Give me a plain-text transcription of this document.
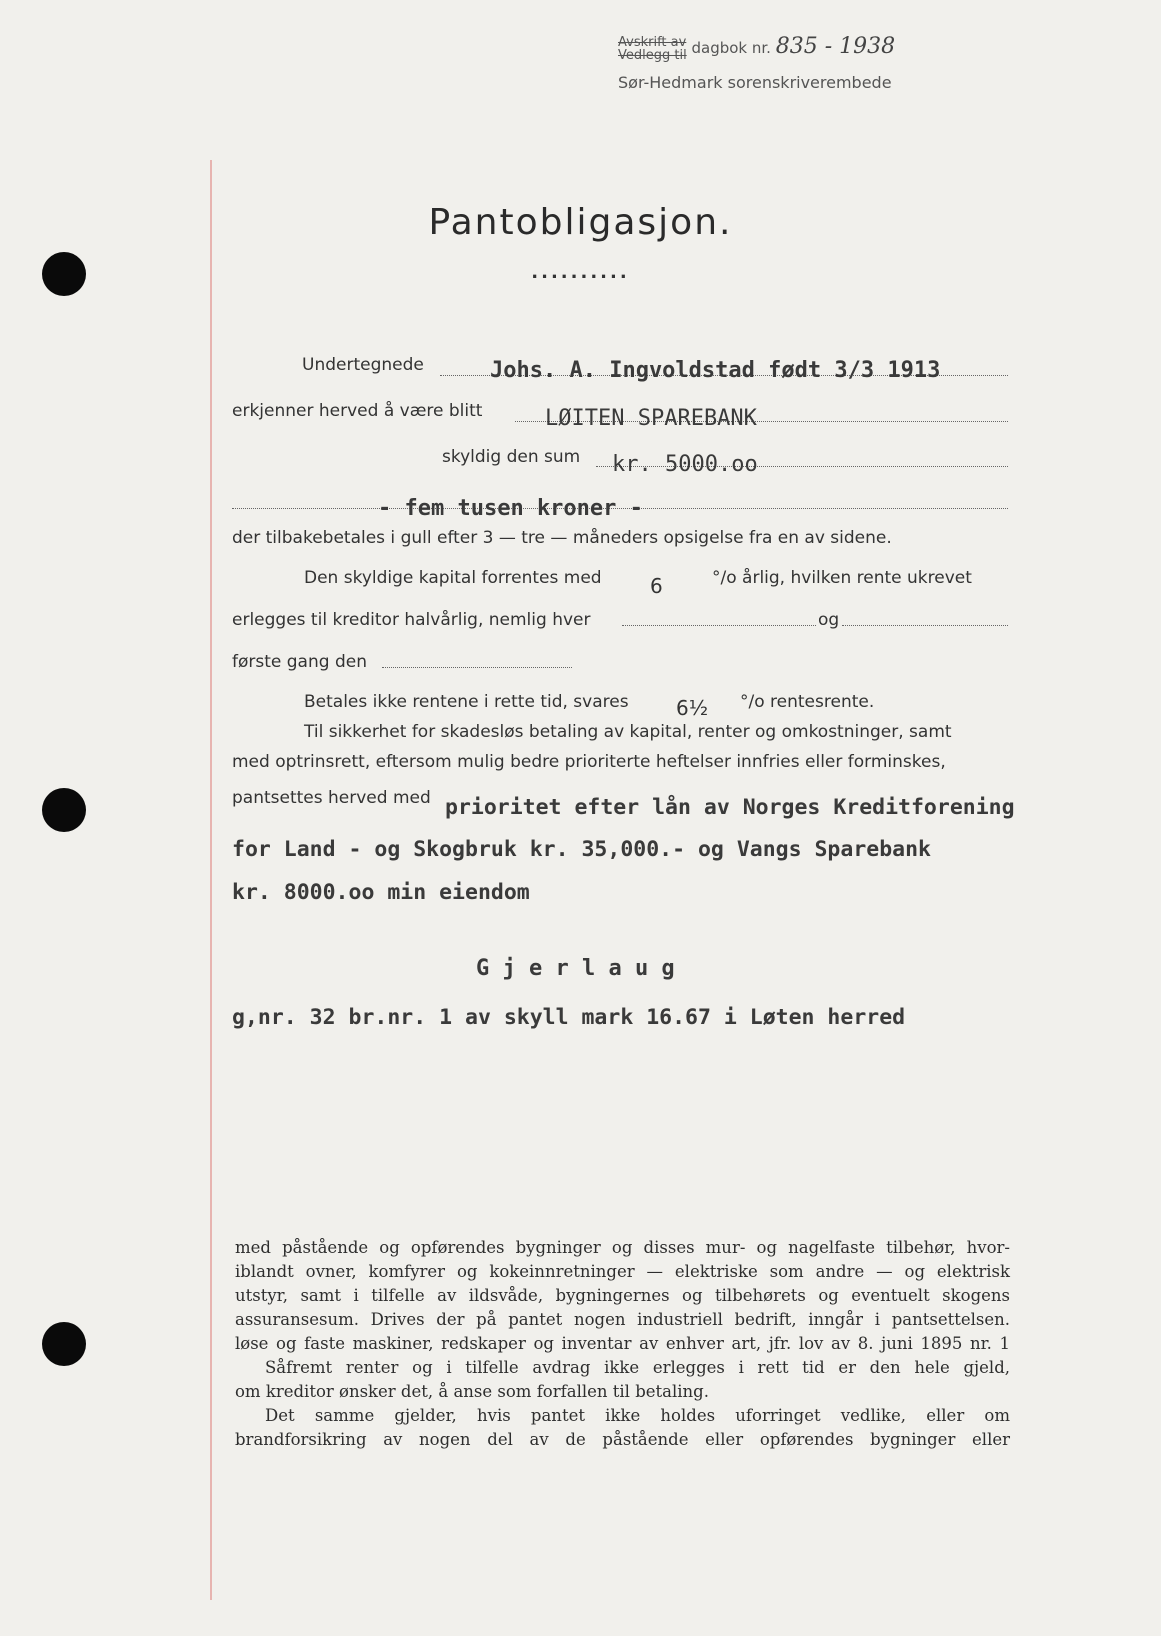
Avskrift av
Vedlegg til dagbok nr. 835 - 1938
Sør-Hedmark sorenskriverembede
Pantobligasjon.
..........
Undertegnede	Johs. A. Ingvoldstad født 3/3 1913
erkjenner herved å være blitt	LØITEN SPAREBANK
skyldig den sum kr. 5000.oo
- fem tusen kroner -
der tilbakebetales i gull efter 3 — tre — måneders opsigelse fra en av sidene.
Den skyldige kapital forrentes med 6	°/o årlig, hvilken rente ukrevet
erlegges til kreditor halvårlig, nemlig hver	og
første gang den
Betales ikke rentene i rette tid, svares 6½ °/o rentesrente.
Til sikkerhet for skadesløs betaling av kapital, renter og omkostninger, samt
med optrinsrett, eftersom mulig bedre prioriterte heftelser innfries eller forminskes,
pantsettes herved med prioritet efter lån av Norges Kreditforening
for Land - og Skogbruk kr. 35,000.- og Vangs Sparebank
kr. 8000.oo min eiendom
G j e r l a u g
g,nr. 32 br.nr. 1 av skyll mark 16.67 i Løten herred
med påstående og opførendes bygninger og disses mur- og nagelfaste tilbehør, hvor-
iblandt ovner, komfyrer og kokeinnretninger — elektriske som andre — og elektrisk
utstyr, samt i tilfelle av ildsvåde, bygningernes og tilbehørets og eventuelt skogens
assuransesum. Drives der på pantet nogen industriell bedrift, inngår i pantsettelsen.
løse og faste maskiner, redskaper og inventar av enhver art, jfr. lov av 8. juni 1895 nr. 1
Såfremt renter og i tilfelle avdrag ikke erlegges i rett tid er den hele gjeld,
om kreditor ønsker det, å anse som forfallen til betaling.
Det samme gjelder, hvis pantet ikke holdes uforringet vedlike, eller om
brandforsikring av nogen del av de påstående eller opførendes bygninger eller
